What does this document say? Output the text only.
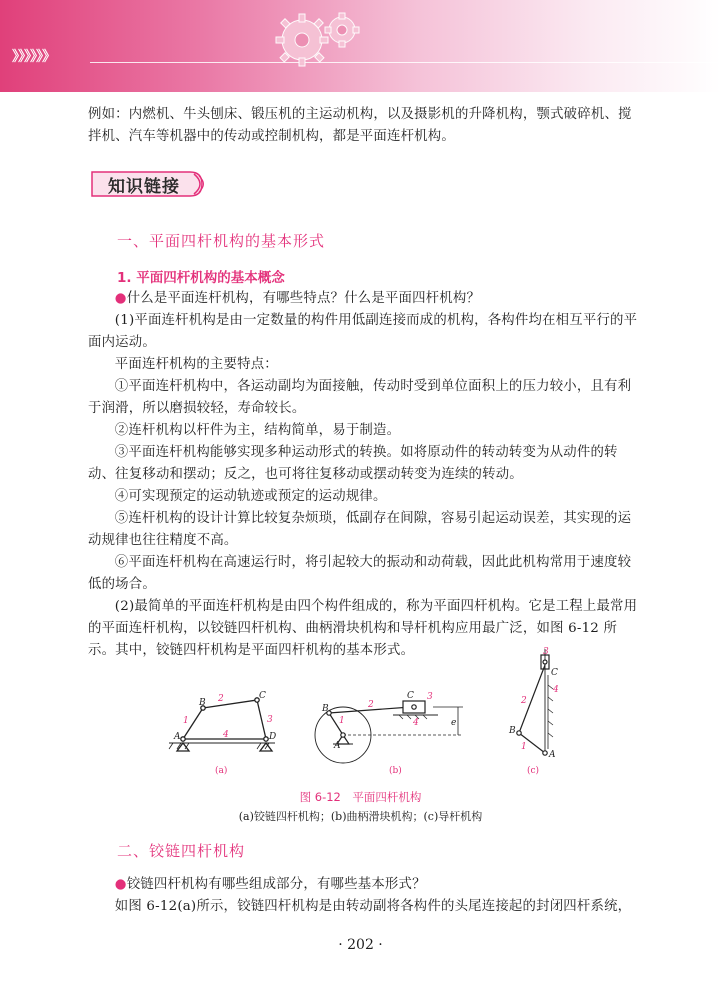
》》》》》》
例如：内燃机、牛头刨床、锻压机的主运动机构，以及摄影机的升降机构，颚式破碎机、搅拌机、汽车等机器中的传动或控制机构，都是平面连杆机构。
知识链接
一、平面四杆机构的基本形式
1. 平面四杆机构的基本概念
●什么是平面连杆机构，有哪些特点？什么是平面四杆机构？
(1)平面连杆机构是由一定数量的构件用低副连接而成的机构，各构件均在相互平行的平面内运动。
平面连杆机构的主要特点：
①平面连杆机构中，各运动副均为面接触，传动时受到单位面积上的压力较小，且有利于润滑，所以磨损较轻，寿命较长。
②连杆机构以杆件为主，结构简单，易于制造。
③平面连杆机构能够实现多种运动形式的转换。如将原动件的转动转变为从动件的转动、往复移动和摆动；反之，也可将往复移动或摆动转变为连续的转动。
④可实现预定的运动轨迹或预定的运动规律。
⑤连杆机构的设计计算比较复杂烦琐，低副存在间隙，容易引起运动误差，其实现的运动规律也往往精度不高。
⑥平面连杆机构在高速运行时，将引起较大的振动和动荷载，因此此机构常用于速度较低的场合。
(2)最简单的平面连杆机构是由四个构件组成的，称为平面四杆机构。它是工程上最常用的平面连杆机构，以铰链四杆机构、曲柄滑块机构和导杆机构应用最广泛，如图 6-12 所示。其中，铰链四杆机构是平面四杆机构的基本形式。
A
B
C
D
1
2
3
4
A
B
C
e
1
2
3
4
A
B
C
1
2
3
4
(a)	(b)	(c)
图 6-12　平面四杆机构
(a)铰链四杆机构；(b)曲柄滑块机构；(c)导杆机构
二、铰链四杆机构
●铰链四杆机构有哪些组成部分，有哪些基本形式？
如图 6-12(a)所示，铰链四杆机构是由转动副将各构件的头尾连接起的封闭四杆系统，
· 202 ·
